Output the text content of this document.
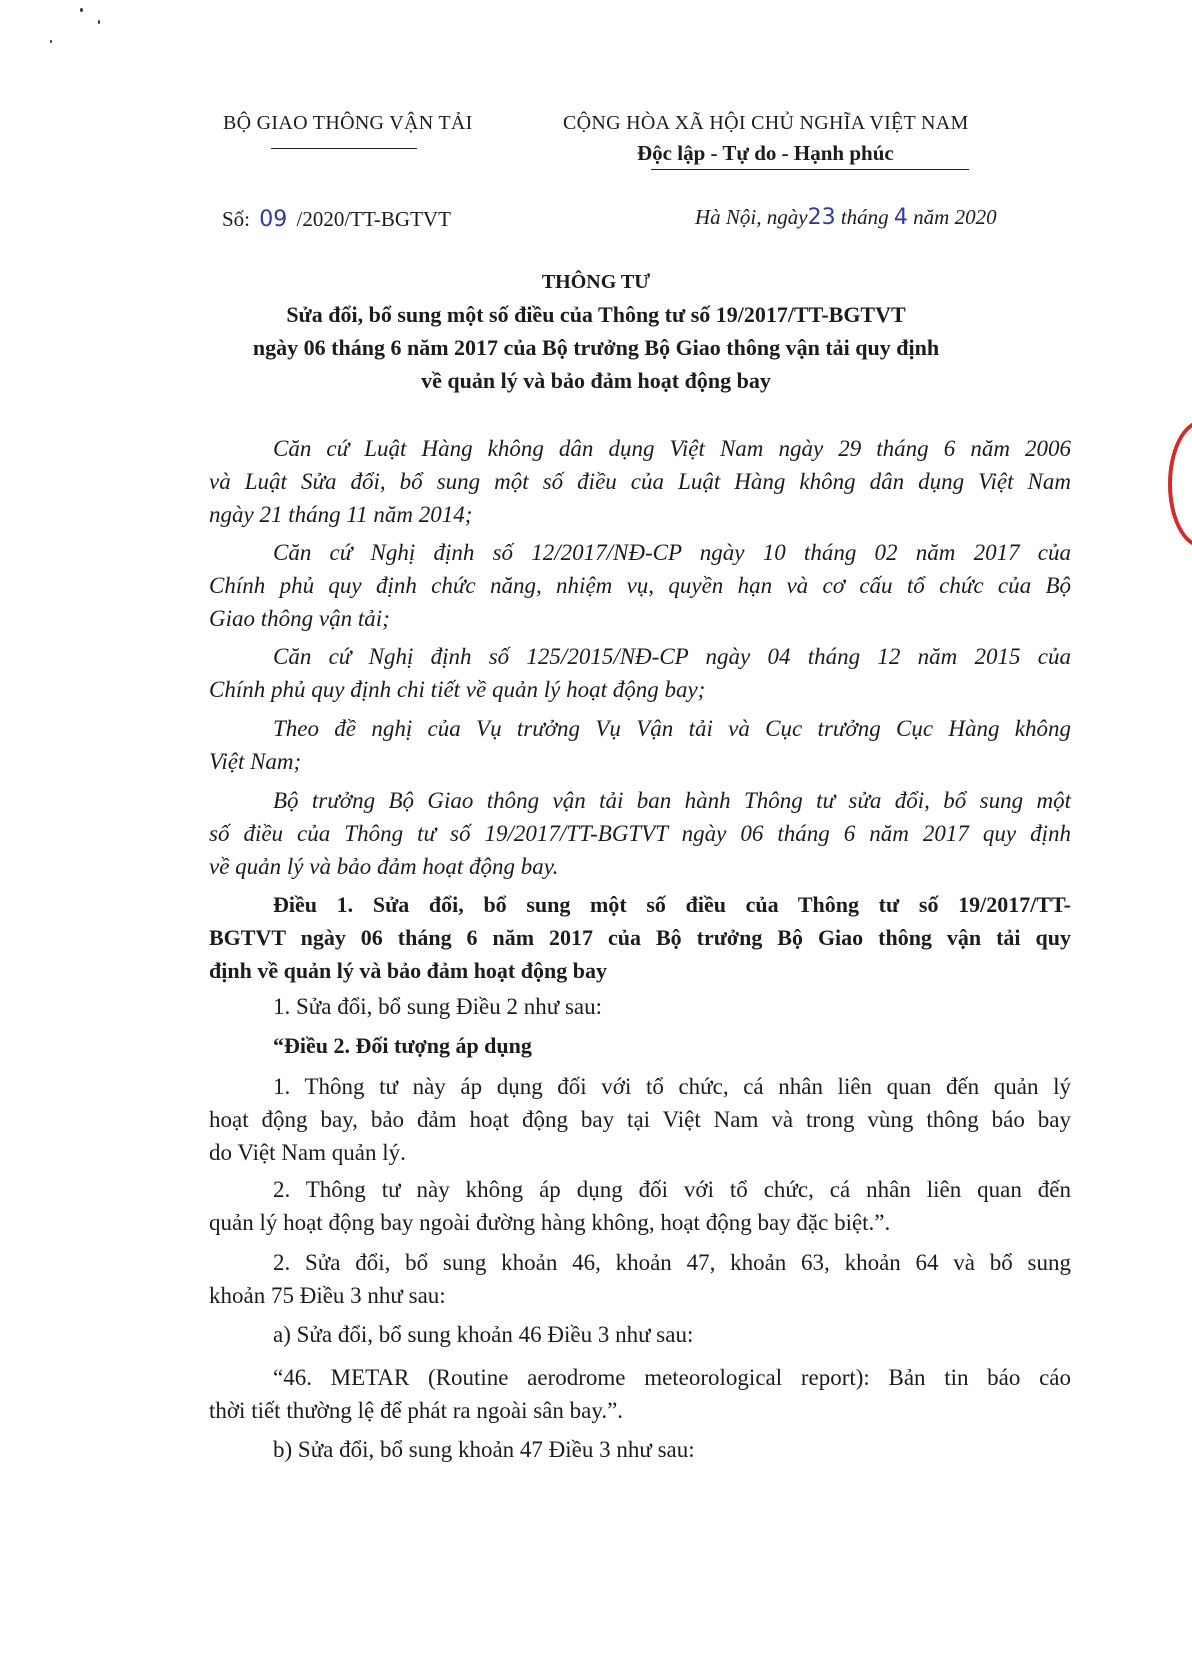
BỘ GIAO THÔNG VẬN TẢI	CỘNG HÒA XÃ HỘI CHỦ NGHĨA VIỆT NAM
Độc lập - Tự do - Hạnh phúc
Số: 09 /2020/TT-BGTVT	Hà Nội, ngày23 tháng 4 năm 2020
THÔNG TƯ
Sửa đổi, bổ sung một số điều của Thông tư số 19/2017/TT-BGTVT
ngày 06 tháng 6 năm 2017 của Bộ trưởng Bộ Giao thông vận tải quy định
về quản lý và bảo đảm hoạt động bay
Căn cứ Luật Hàng không dân dụng Việt Nam ngày 29 tháng 6 năm 2006
và Luật Sửa đổi, bổ sung một số điều của Luật Hàng không dân dụng Việt Nam
ngày 21 tháng 11 năm 2014;
Căn cứ Nghị định số 12/2017/NĐ-CP ngày 10 tháng 02 năm 2017 của
Chính phủ quy định chức năng, nhiệm vụ, quyền hạn và cơ cấu tổ chức của Bộ
Giao thông vận tải;
Căn cứ Nghị định số 125/2015/NĐ-CP ngày 04 tháng 12 năm 2015 của
Chính phủ quy định chi tiết về quản lý hoạt động bay;
Theo đề nghị của Vụ trưởng Vụ Vận tải và Cục trưởng Cục Hàng không
Việt Nam;
Bộ trưởng Bộ Giao thông vận tải ban hành Thông tư sửa đổi, bổ sung một
số điều của Thông tư số 19/2017/TT-BGTVT ngày 06 tháng 6 năm 2017 quy định
về quản lý và bảo đảm hoạt động bay.
Điều 1. Sửa đổi, bổ sung một số điều của Thông tư số 19/2017/TT-
BGTVT ngày 06 tháng 6 năm 2017 của Bộ trưởng Bộ Giao thông vận tải quy
định về quản lý và bảo đảm hoạt động bay
1. Sửa đổi, bổ sung Điều 2 như sau:
“Điều 2. Đối tượng áp dụng
1. Thông tư này áp dụng đối với tổ chức, cá nhân liên quan đến quản lý
hoạt động bay, bảo đảm hoạt động bay tại Việt Nam và trong vùng thông báo bay
do Việt Nam quản lý.
2. Thông tư này không áp dụng đối với tổ chức, cá nhân liên quan đến
quản lý hoạt động bay ngoài đường hàng không, hoạt động bay đặc biệt.”.
2. Sửa đổi, bổ sung khoản 46, khoản 47, khoản 63, khoản 64 và bổ sung
khoản 75 Điều 3 như sau:
a) Sửa đổi, bổ sung khoản 46 Điều 3 như sau:
“46. METAR (Routine aerodrome meteorological report): Bản tin báo cáo
thời tiết thường lệ để phát ra ngoài sân bay.”.
b) Sửa đổi, bổ sung khoản 47 Điều 3 như sau:
